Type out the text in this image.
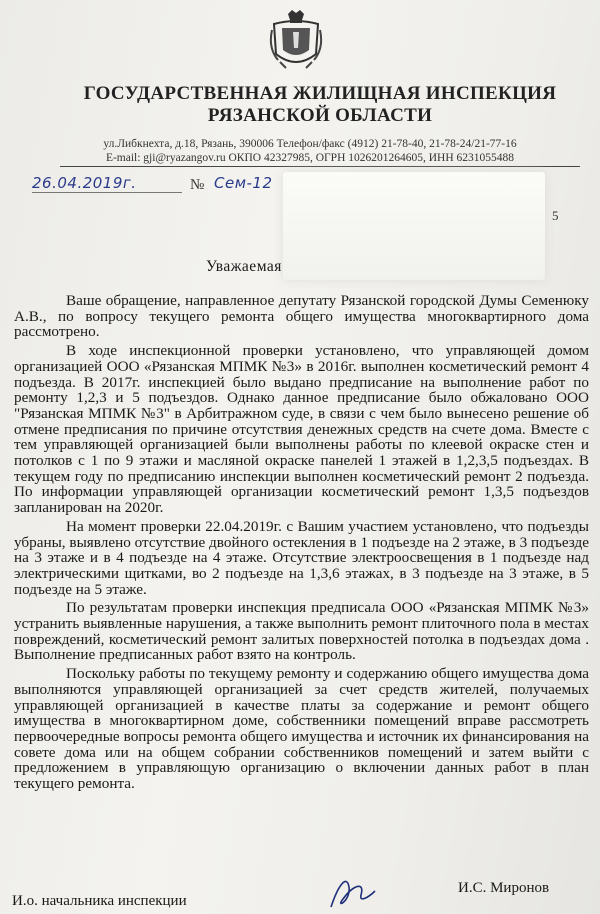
ГОСУДАРСТВЕННАЯ ЖИЛИЩНАЯ ИНСПЕКЦИЯ
РЯЗАНСКОЙ ОБЛАСТИ
ул.Либкнехта, д.18, Рязань, 390006 Телефон/факс (4912) 21-78-40, 21-78-24/21-77-16
E-mail: gji@ryazangov.ru ОКПО 42327985, ОГРН 1026201264605, ИНН 6231055488
26.04.2019г.	№ Сем-12
5
Уважаемая

Ваше обращение, направленное депутату Рязанской городской Думы Семенюку А.В., по вопросу текущего ремонта общего имущества многоквартирного дома рассмотрено.

В ходе инспекционной проверки установлено, что управляющей домом организацией ООО «Рязанская МПМК №3» в 2016г. выполнен косметический ремонт 4 подъезда. В 2017г. инспекцией было выдано предписание на выполнение работ по ремонту 1,2,3 и 5 подъездов. Однако данное предписание было обжаловано ООО "Рязанская МПМК №3" в Арбитражном суде, в связи с чем было вынесено решение об отмене предписания по причине отсутствия денежных средств на счете дома. Вместе с тем управляющей организацией были выполнены работы по клеевой окраске стен и потолков с 1 по 9 этажи и масляной окраске панелей 1 этажей в 1,2,3,5 подъездах. В текущем году по предписанию инспекции выполнен косметический ремонт 2 подъезда. По информации управляющей организации косметический ремонт 1,3,5 подъездов запланирован на 2020г.

На момент проверки 22.04.2019г. с Вашим участием установлено, что подъезды убраны, выявлено отсутствие двойного остекления в 1 подъезде на 2 этаже, в 3 подъезде на 3 этаже и в 4 подъезде на 4 этаже. Отсутствие электроосвещения в 1 подъезде над электрическими щитками, во 2 подъезде на 1,3,6 этажах, в 3 подъезде на 3 этаже, в 5 подъезде на 5 этаже.

По результатам проверки инспекция предписала ООО «Рязанская МПМК №3» устранить выявленные нарушения, а также выполнить ремонт плиточного пола в местах повреждений, косметический ремонт залитых поверхностей потолка в подъездах дома . Выполнение предписанных работ взято на контроль.

Поскольку работы по текущему ремонту и содержанию общего имущества дома выполняются управляющей организацией за счет средств жителей, получаемых управляющей организацией в качестве платы за содержание и ремонт общего имущества в многоквартирном доме, собственники помещений вправе рассмотреть первоочередные вопросы ремонта общего имущества и источник их финансирования на совете дома или на общем собрании собственников помещений и затем выйти с предложением в управляющую организацию о включении данных работ в план текущего ремонта.

И.о. начальника инспекции
И.С. Миронов
